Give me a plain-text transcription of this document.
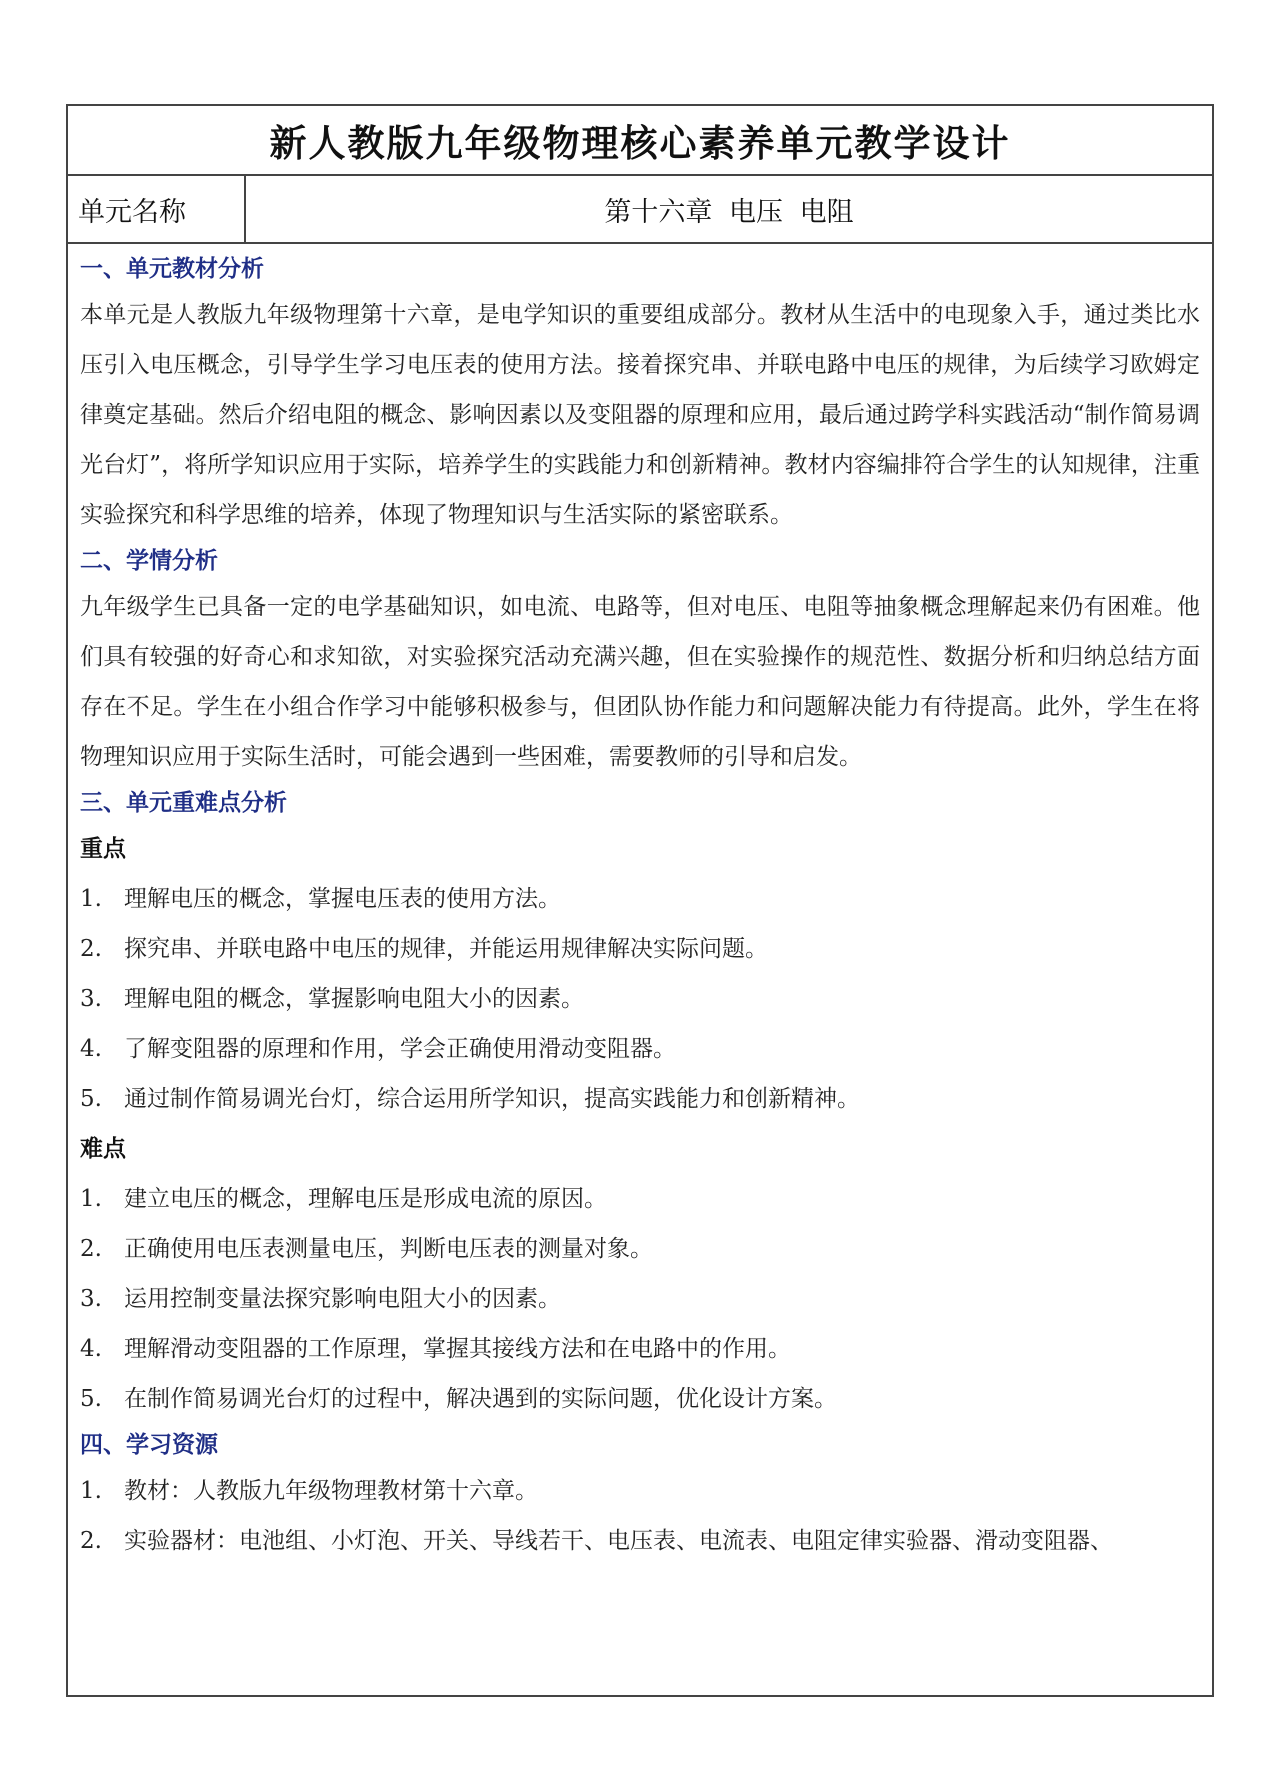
新人教版九年级物理核心素养单元教学设计
单元名称	第十六章 电压 电阻
一、单元教材分析
本单元是人教版九年级物理第十六章，是电学知识的重要组成部分。教材从生活中的电现象入手，通过类比水压引入电压概念，引导学生学习电压表的使用方法。接着探究串、并联电路中电压的规律，为后续学习欧姆定律奠定基础。然后介绍电阻的概念、影响因素以及变阻器的原理和应用，最后通过跨学科实践活动“制作简易调光台灯”，将所学知识应用于实际，培养学生的实践能力和创新精神。教材内容编排符合学生的认知规律，注重实验探究和科学思维的培养，体现了物理知识与生活实际的紧密联系。
二、学情分析
九年级学生已具备一定的电学基础知识，如电流、电路等，但对电压、电阻等抽象概念理解起来仍有困难。他们具有较强的好奇心和求知欲，对实验探究活动充满兴趣，但在实验操作的规范性、数据分析和归纳总结方面存在不足。学生在小组合作学习中能够积极参与，但团队协作能力和问题解决能力有待提高。此外，学生在将物理知识应用于实际生活时，可能会遇到一些困难，需要教师的引导和启发。
三、单元重难点分析
重点
1. 理解电压的概念，掌握电压表的使用方法。
2. 探究串、并联电路中电压的规律，并能运用规律解决实际问题。
3. 理解电阻的概念，掌握影响电阻大小的因素。
4. 了解变阻器的原理和作用，学会正确使用滑动变阻器。
5. 通过制作简易调光台灯，综合运用所学知识，提高实践能力和创新精神。
难点
1. 建立电压的概念，理解电压是形成电流的原因。
2. 正确使用电压表测量电压，判断电压表的测量对象。
3. 运用控制变量法探究影响电阻大小的因素。
4. 理解滑动变阻器的工作原理，掌握其接线方法和在电路中的作用。
5. 在制作简易调光台灯的过程中，解决遇到的实际问题，优化设计方案。
四、学习资源
1. 教材：人教版九年级物理教材第十六章。
2. 实验器材：电池组、小灯泡、开关、导线若干、电压表、电流表、电阻定律实验器、滑动变阻器、
